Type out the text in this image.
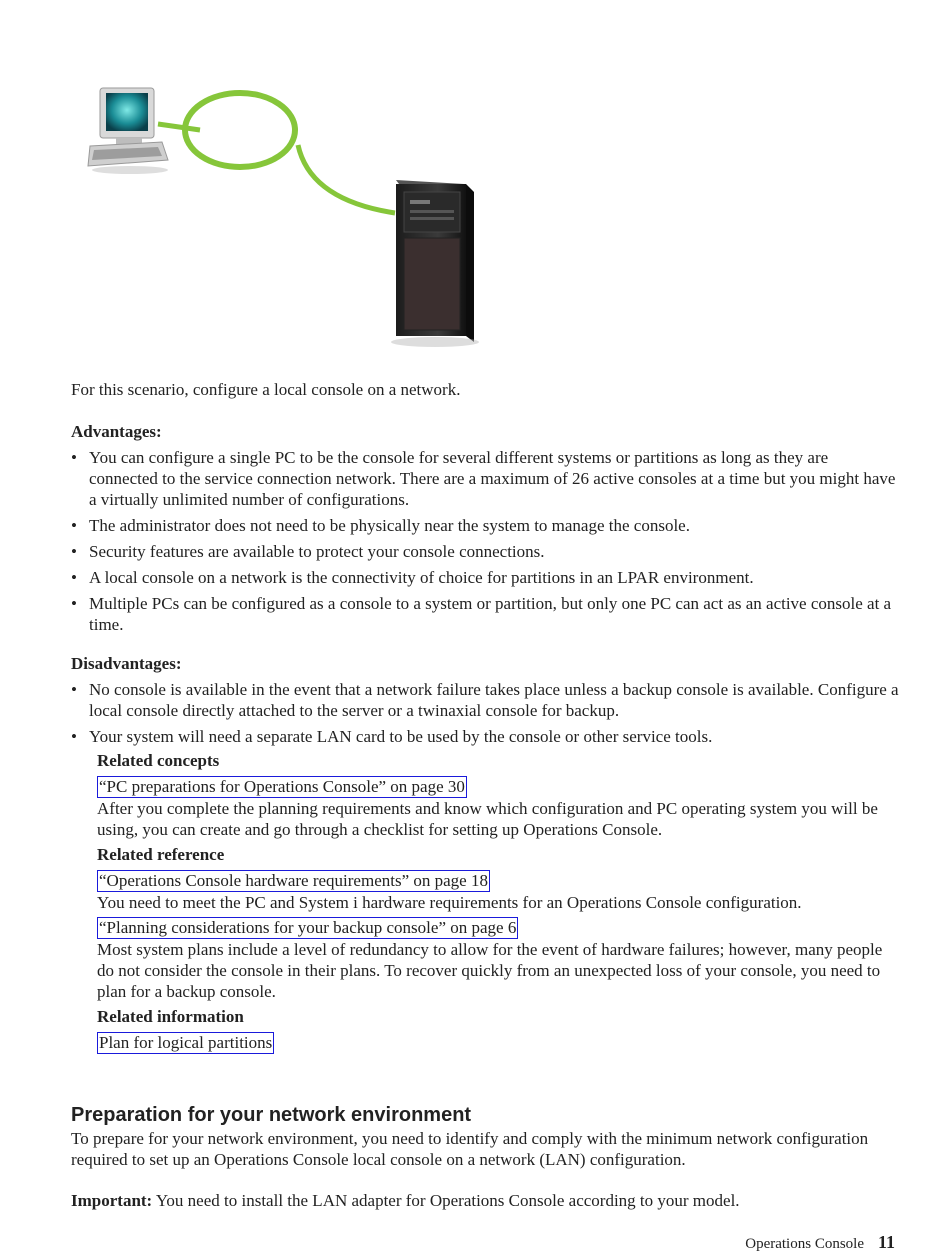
For this scenario, configure a local console on a network.

Advantages:

• You can configure a single PC to be the console for several different systems or partitions as long as they are connected to the service connection network. There are a maximum of 26 active consoles at a time but you might have a virtually unlimited number of configurations.
• The administrator does not need to be physically near the system to manage the console.
• Security features are available to protect your console connections.
• A local console on a network is the connectivity of choice for partitions in an LPAR environment.
• Multiple PCs can be configured as a console to a system or partition, but only one PC can act as an active console at a time.

Disadvantages:

• No console is available in the event that a network failure takes place unless a backup console is available. Configure a local console directly attached to the server or a twinaxial console for backup.
• Your system will need a separate LAN card to be used by the console or other service tools.

Related concepts

“PC preparations for Operations Console” on page 30

After you complete the planning requirements and know which configuration and PC operating system you will be using, you can create and go through a checklist for setting up Operations Console.

Related reference

“Operations Console hardware requirements” on page 18

You need to meet the PC and System i hardware requirements for an Operations Console configuration.

“Planning considerations for your backup console” on page 6

Most system plans include a level of redundancy to allow for the event of hardware failures; however, many people do not consider the console in their plans. To recover quickly from an unexpected loss of your console, you need to plan for a backup console.

Related information

Plan for logical partitions

Preparation for your network environment

To prepare for your network environment, you need to identify and comply with the minimum network configuration required to set up an Operations Console local console on a network (LAN) configuration.

Important: You need to install the LAN adapter for Operations Console according to your model.

Operations Console 11
